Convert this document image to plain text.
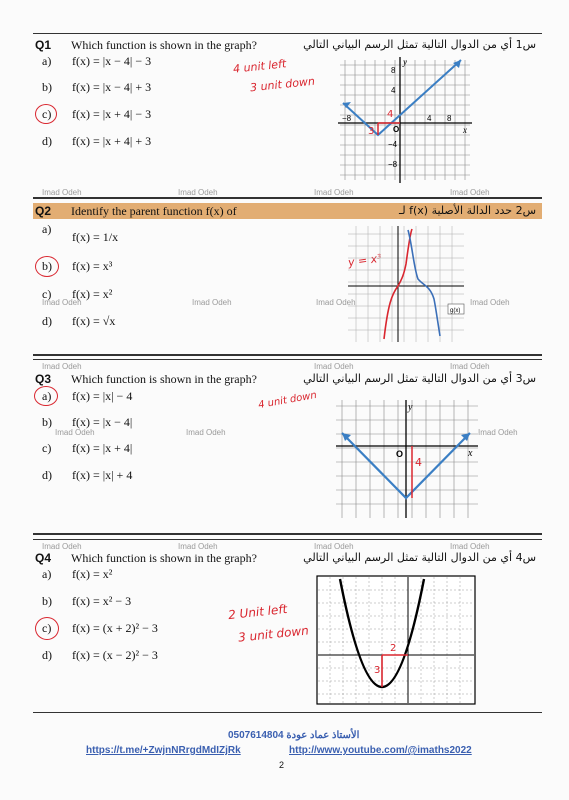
Q1 Which function is shown in the graph?	س1 أي من الدوال التالية تمثل الرسم البياني التالي
a) f(x) = |x − 4| − 3
b) f(x) = |x − 4| + 3
c) f(x) = |x + 4| − 3
d) f(x) = |x + 4| + 3
4 unit left
3 unit down
y
x
8
4
−8	4 8
−4
−8
O
4
3
Imad Odeh	Imad Odeh	Imad Odeh	Imad Odeh
Q2 Identify the parent function f(x) of	س2 حدد الدالة الأصلية f(x) لـ
a)
f(x) = 1/x
b) f(x) = x³
c) f(x) = x²
d) f(x) = √x
Imad Odeh	Imad Odeh	Imad Odeh	Imad Odeh
y = x³
g(x)
Imad Odeh	Imad Odeh	Imad Odeh
Q3 Which function is shown in the graph?	س3 أي من الدوال التالية تمثل الرسم البياني التالي
a) f(x) = |x| − 4
b) f(x) = |x − 4|
c) f(x) = |x + 4|
d) f(x) = |x| + 4
Imad Odeh	Imad Odeh	Imad Odeh
4 unit down	y
x
O
4
Imad Odeh	Imad Odeh	Imad Odeh	Imad Odeh
Q4 Which function is shown in the graph?	س4 أي من الدوال التالية تمثل الرسم البياني التالي
a) f(x) = x²
b) f(x) = x² − 3
c) f(x) = (x + 2)² − 3
d) f(x) = (x − 2)² − 3
2 Unit left
3 unit down
2
3
الأستاذ عماد عودة 0507614804
https://t.me/+ZwjnNRrgdMdIZjRk	http://www.youtube.com/@imaths2022
2
